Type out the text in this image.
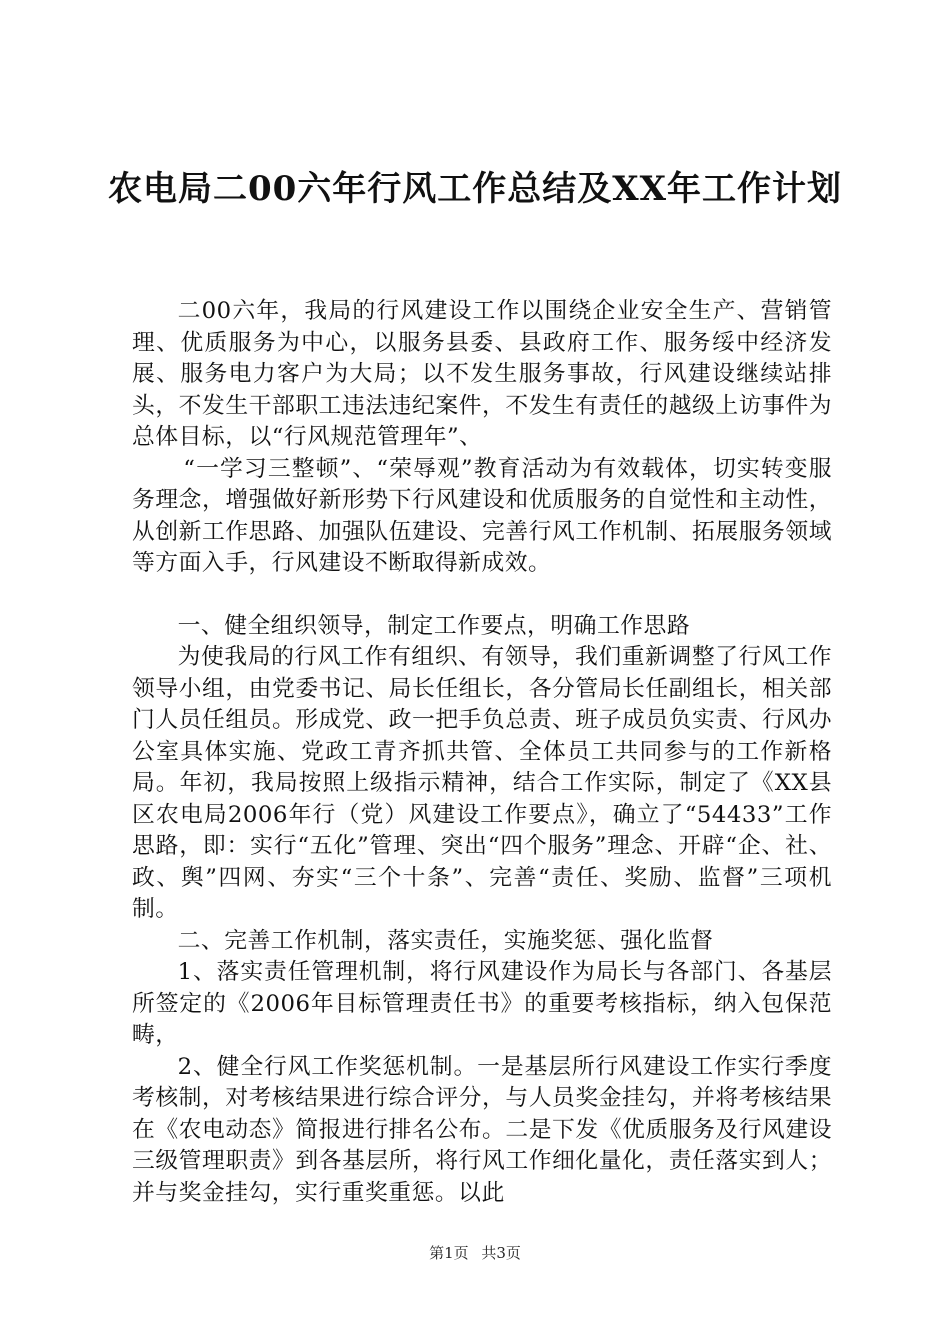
农电局二00六年行风工作总结及XX年工作计划

二00六年，我局的行风建设工作以围绕企业安全生产、营销管理、优质服务为中心，以服务县委、县政府工作、服务绥中经济发展、服务电力客户为大局；以不发生服务事故，行风建设继续站排头，不发生干部职工违法违纪案件，不发生有责任的越级上访事件为总体目标，以“行风规范管理年”、

“一学习三整顿”、“荣辱观”教育活动为有效载体，切实转变服务理念，增强做好新形势下行风建设和优质服务的自觉性和主动性，从创新工作思路、加强队伍建设、完善行风工作机制、拓展服务领域等方面入手，行风建设不断取得新成效。

一、健全组织领导，制定工作要点，明确工作思路

为使我局的行风工作有组织、有领导，我们重新调整了行风工作领导小组，由党委书记、局长任组长，各分管局长任副组长，相关部门人员任组员。形成党、政一把手负总责、班子成员负实责、行风办公室具体实施、党政工青齐抓共管、全体员工共同参与的工作新格局。年初，我局按照上级指示精神，结合工作实际，制定了《XX县区农电局2006年行（党）风建设工作要点》，确立了“54433”工作思路，即：实行“五化”管理、突出“四个服务”理念、开辟“企、社、政、舆”四网、夯实“三个十条”、完善“责任、奖励、监督”三项机制。

二、完善工作机制，落实责任，实施奖惩、强化监督

1、落实责任管理机制，将行风建设作为局长与各部门、各基层所签定的《2006年目标管理责任书》的重要考核指标，纳入包保范畴，

2、健全行风工作奖惩机制。一是基层所行风建设工作实行季度考核制，对考核结果进行综合评分，与人员奖金挂勾，并将考核结果在《农电动态》简报进行排名公布。二是下发《优质服务及行风建设三级管理职责》到各基层所，将行风工作细化量化，责任落实到人；并与奖金挂勾，实行重奖重惩。以此

第1页 共3页
